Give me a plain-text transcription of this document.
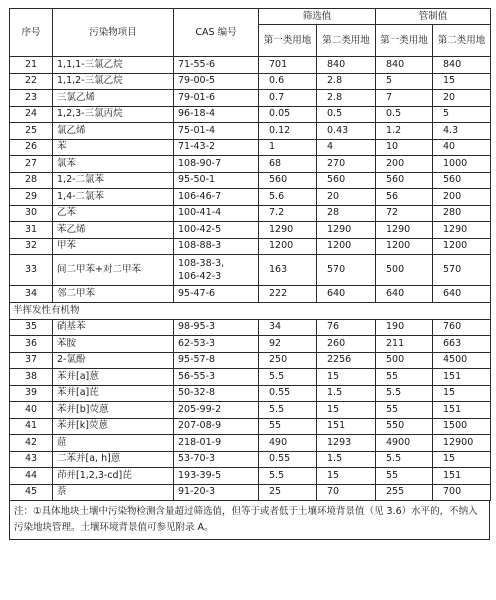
序号	污染物项目	CAS 编号	筛选值		管制值	
			第一类用地	第二类用地	第一类用地	第二类用地
21	1,1,1-三氯乙烷	71-55-6	701	840	840	840
22	1,1,2-三氯乙烷	79-00-5	0.6	2.8	5	15
23	三氯乙烯	79-01-6	0.7	2.8	7	20
24	1,2,3-三氯丙烷	96-18-4	0.05	0.5	0.5	5
25	氯乙烯	75-01-4	0.12	0.43	1.2	4.3
26	苯	71-43-2	1	4	10	40
27	氯苯	108-90-7	68	270	200	1000
28	1,2-二氯苯	95-50-1	560	560	560	560
29	1,4-二氯苯	106-46-7	5.6	20	56	200
30	乙苯	100-41-4	7.2	28	72	280
31	苯乙烯	100-42-5	1290	1290	1290	1290
32	甲苯	108-88-3	1200	1200	1200	1200
33	间二甲苯+对二甲苯	108-38-3,
106-42-3	163	570	500	570
34	邻二甲苯	95-47-6	222	640	640	640
半挥发性有机物						
35	硝基苯	98-95-3	34	76	190	760
36	苯胺	62-53-3	92	260	211	663
37	2-氯酚	95-57-8	250	2256	500	4500
38	苯并[a]蒽	56-55-3	5.5	15	55	151
39	苯并[a]芘	50-32-8	0.55	1.5	5.5	15
40	苯并[b]荧蒽	205-99-2	5.5	15	55	151
41	苯并[k]荧蒽	207-08-9	55	151	550	1500
42	䓛	218-01-9	490	1293	4900	12900
43	二苯并[a, h]蒽	53-70-3	0.55	1.5	5.5	15
44	茚并[1,2,3-cd]芘	193-39-5	5.5	15	55	151
45	萘	91-20-3	25	70	255	700
注：①具体地块土壤中污染物检测含量超过筛选值，但等于或者低于土壤环境背景值（见 3.6）水平的，不纳入污染地块管理。土壤环境背景值可参见附录 A。
